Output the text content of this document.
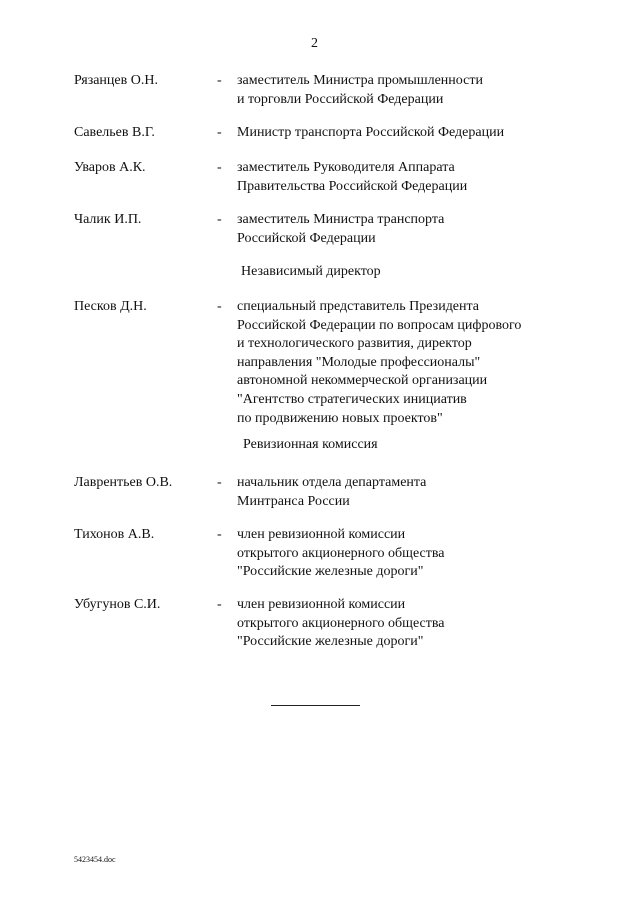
2
Рязанцев О.Н.	- заместитель Министра промышленности
и торговли Российской Федерации
Савельев В.Г.	- Министр транспорта Российской Федерации
Уваров А.К.	- заместитель Руководителя Аппарата
Правительства Российской Федерации
Чалик И.П.	- заместитель Министра транспорта
Российской Федерации
Независимый директор
Песков Д.Н.	- специальный представитель Президента
Российской Федерации по вопросам цифрового
и технологического развития, директор
направления "Молодые профессионалы"
автономной некоммерческой организации
"Агентство стратегических инициатив
по продвижению новых проектов"
Ревизионная комиссия
Лаврентьев О.В.	- начальник отдела департамента
Минтранса России
Тихонов А.В.	- член ревизионной комиссии
открытого акционерного общества
"Российские железные дороги"
Убугунов С.И.	- член ревизионной комиссии
открытого акционерного общества
"Российские железные дороги"
5423454.doc
